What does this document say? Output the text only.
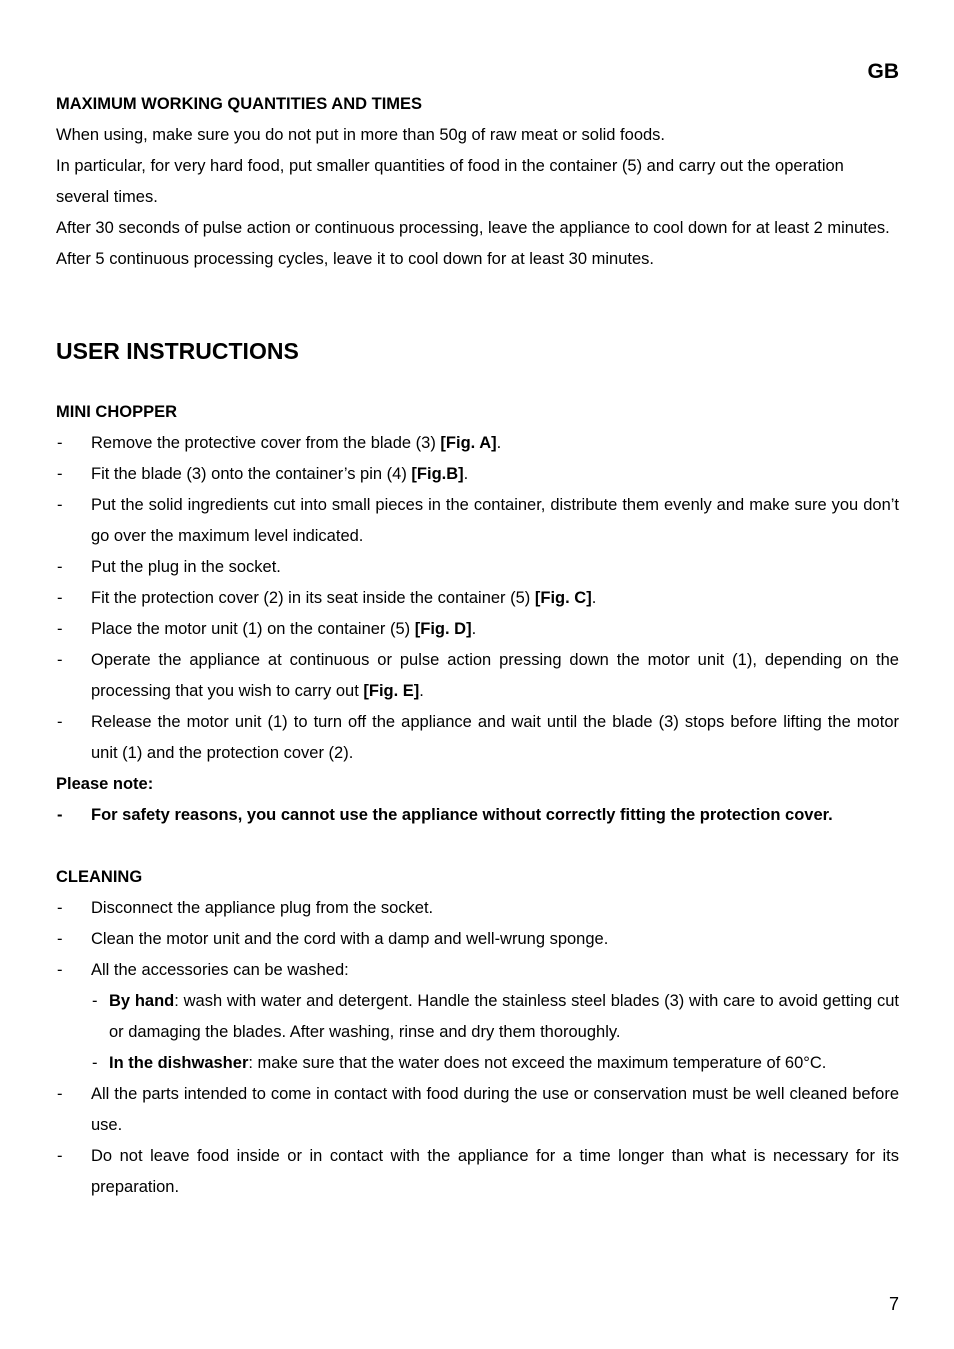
GB
MAXIMUM WORKING QUANTITIES AND TIMES

When using, make sure you do not put in more than 50g of raw meat or solid foods.

In particular, for very hard food, put smaller quantities of food in the container (5) and carry out the operation several times.

After 30 seconds of pulse action or continuous processing, leave the appliance to cool down for at least 2 minutes. After 5 continuous processing cycles, leave it to cool down for at least 30 minutes.

USER INSTRUCTIONS
MINI CHOPPER
- Remove the protective cover from the blade (3) [Fig. A].
- Fit the blade (3) onto the container’s pin (4) [Fig.B].
- Put the solid ingredients cut into small pieces in the container, distribute them evenly and make sure you don’t go over the maximum level indicated.
- Put the plug in the socket.
- Fit the protection cover (2) in its seat inside the container (5) [Fig. C].
- Place the motor unit (1) on the container (5) [Fig. D].
- Operate the appliance at continuous or pulse action pressing down the motor unit (1), depending on the processing that you wish to carry out [Fig. E].
- Release the motor unit (1) to turn off the appliance and wait until the blade (3) stops before lifting the motor unit (1) and the protection cover (2).
Please note:
- For safety reasons, you cannot use the appliance without correctly fitting the protection cover.
CLEANING
- Disconnect the appliance plug from the socket.
- Clean the motor unit and the cord with a damp and well-wrung sponge.
- All the accessories can be washed:
- By hand: wash with water and detergent. Handle the stainless steel blades (3) with care to avoid getting cut or damaging the blades. After washing, rinse and dry them thoroughly.
- In the dishwasher: make sure that the water does not exceed the maximum temperature of 60°C.
- All the parts intended to come in contact with food during the use or conservation must be well cleaned before use.
- Do not leave food inside or in contact with the appliance for a time longer than what is necessary for its preparation.
7
